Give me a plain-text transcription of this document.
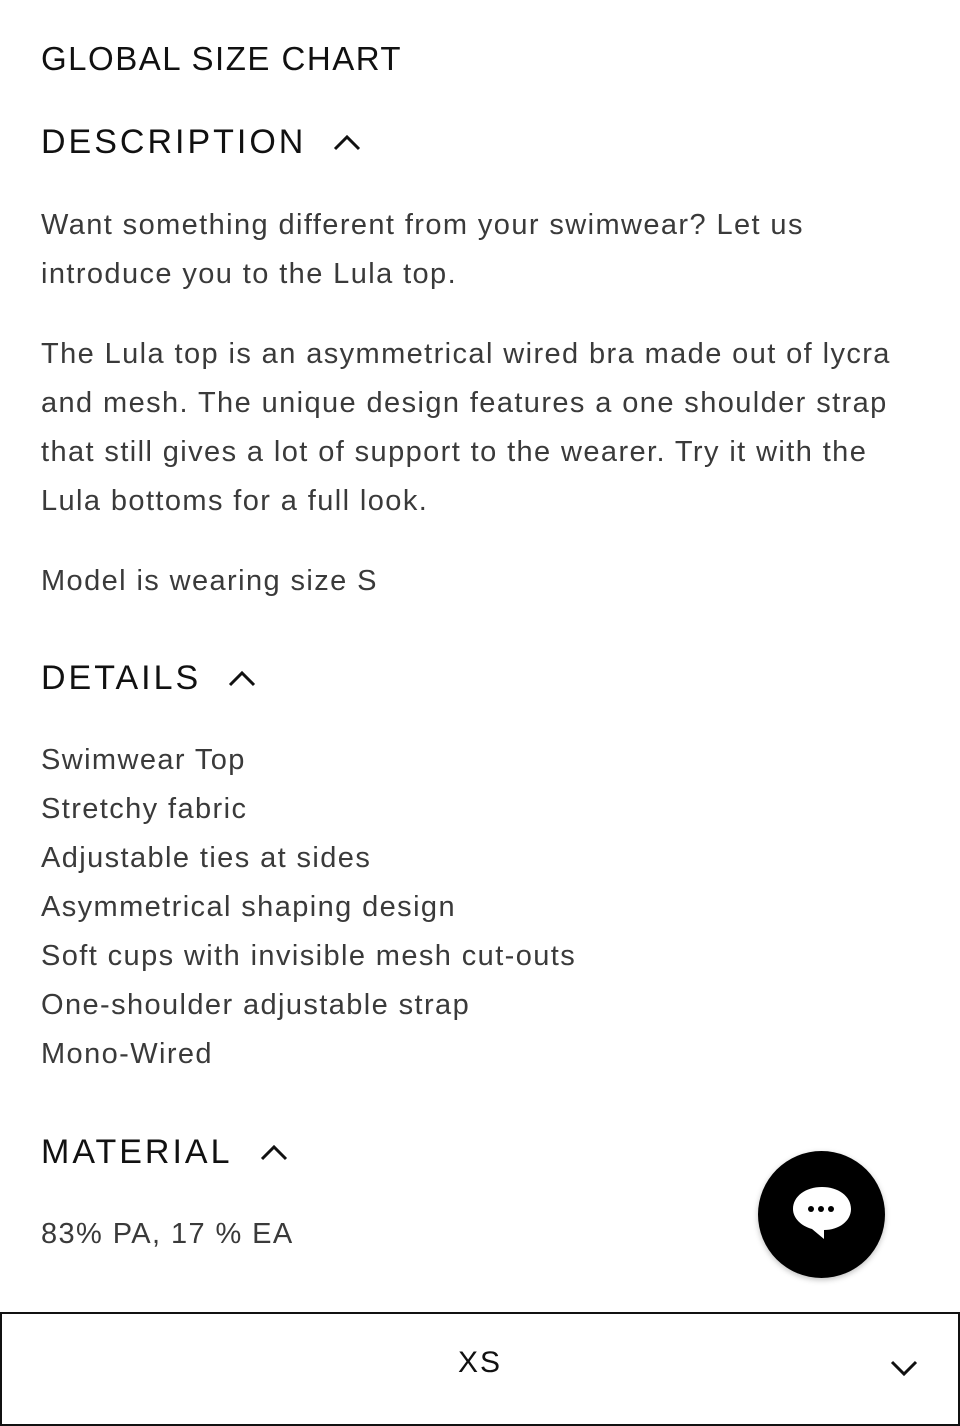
GLOBAL SIZE CHART
DESCRIPTION

Want something different from your swimwear? Let us introduce you to the Lula top.

The Lula top is an asymmetrical wired bra made out of lycra and mesh. The unique design features a one shoulder strap that still gives a lot of support to the wearer. Try it with the Lula bottoms for a full look.

Model is wearing size S

DETAILS
Swimwear Top
Stretchy fabric
Adjustable ties at sides
Asymmetrical shaping design
Soft cups with invisible mesh cut-outs
One-shoulder adjustable strap
Mono-Wired
MATERIAL

83% PA, 17 % EA

XS
